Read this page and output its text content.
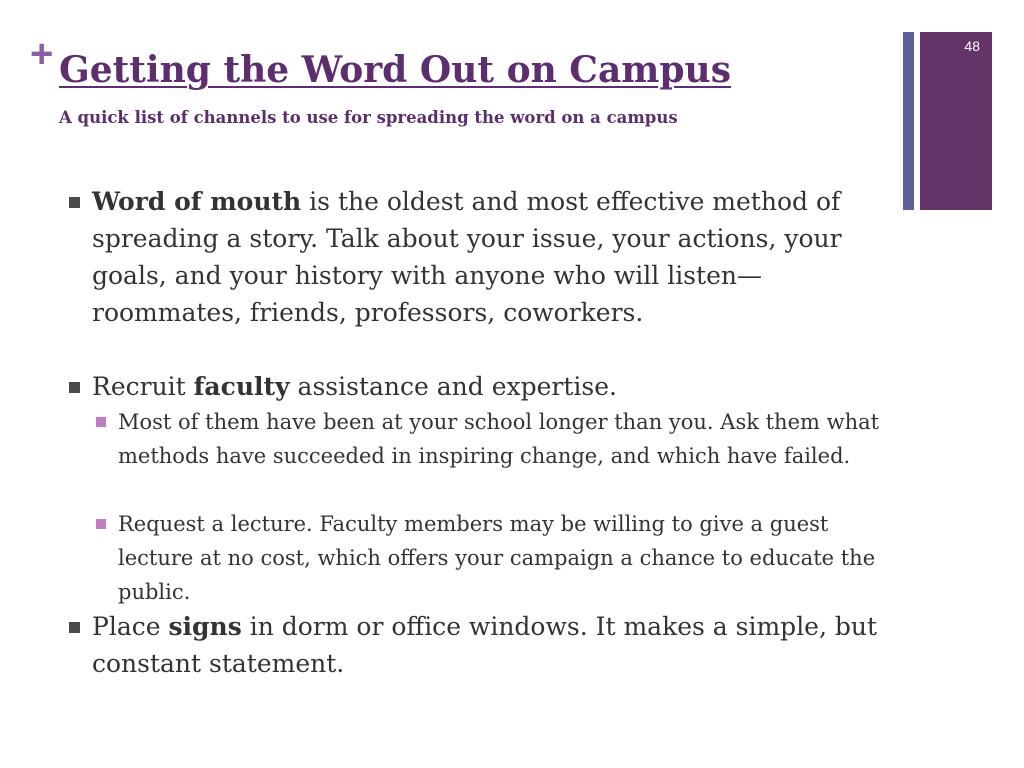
+ Getting the Word Out on Campus
A quick list of channels to use for spreading the word on a campus
48
Word of mouth is the oldest and most effective method of spreading a story. Talk about your issue, your actions, your goals, and your history with anyone who will listen—roommates, friends, professors, coworkers.
Recruit faculty assistance and expertise.
Most of them have been at your school longer than you. Ask them what methods have succeeded in inspiring change, and which have failed.
Request a lecture. Faculty members may be willing to give a guest lecture at no cost, which offers your campaign a chance to educate the public.
Place signs in dorm or office windows. It makes a simple, but constant statement.
